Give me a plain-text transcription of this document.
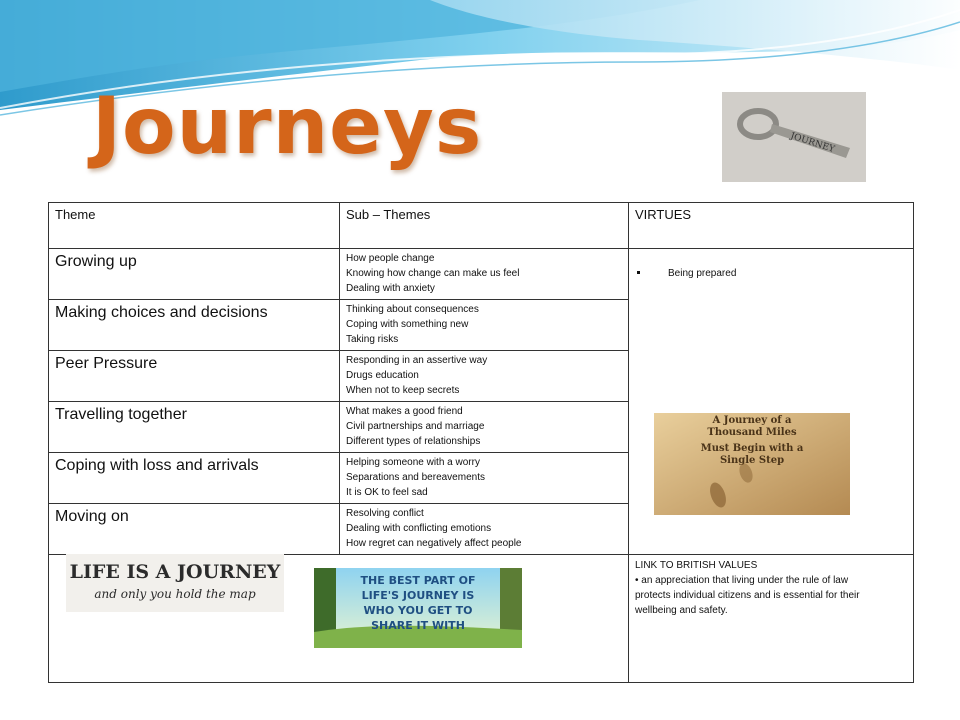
Journeys	JOURNEY
Theme	Sub – Themes	VIRTUES
Growing up	How people change
Knowing how change can make us feel
Dealing with anxiety	Being prepared

Making choices and decisions	Thinking about consequences
Coping with something new
Taking risks	

Peer Pressure	Responding in an assertive way
Drugs education
When not to keep secrets	

Travelling together	What makes a good friend
Civil partnerships and marriage
Different types of relationships	

Coping with loss and arrivals	Helping someone with a worry
Separations and bereavements
It is OK to feel sad	

Moving on	Resolving conflict
Dealing with conflicting emotions
How regret can negatively affect people	

		LINK TO BRITISH VALUES
• an appreciation that living under the rule of law
protects individual citizens and is essential for their
wellbeing and safety.
A Journey of a
Thousand Miles
Must Begin with a
Single Step
LIFE IS A JOURNEY
and only you hold the map
THE BEST PART OF
LIFE'S JOURNEY IS
WHO YOU GET TO
SHARE IT WITH
